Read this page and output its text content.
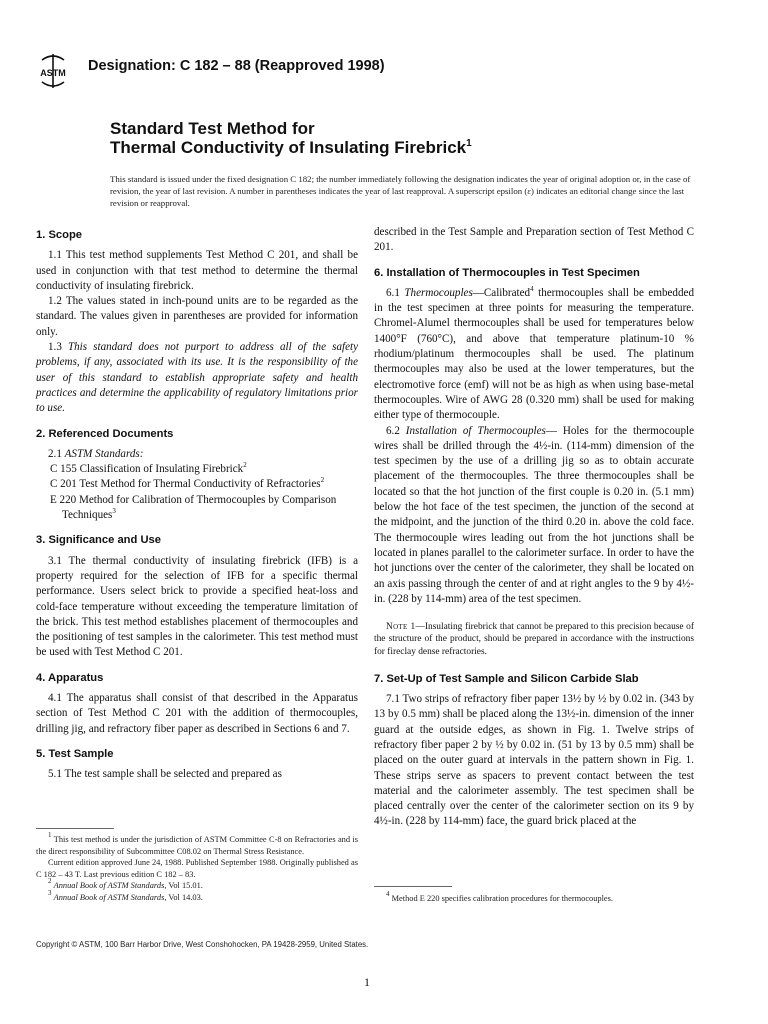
ASTM Designation: C 182 – 88 (Reapproved 1998)
Standard Test Method for
Thermal Conductivity of Insulating Firebrick$^1$
This standard is issued under the fixed designation C 182; the number immediately following the designation indicates the year of original adoption or, in the case of revision, the year of last revision. A number in parentheses indicates the year of last reapproval. A superscript epsilon (ε) indicates an editorial change since the last revision or reapproval.
1. Scope

1.1 This test method supplements Test Method C 201, and shall be used in conjunction with that test method to determine the thermal conductivity of insulating firebrick.

1.2 The values stated in inch-pound units are to be regarded as the standard. The values given in parentheses are provided for information only.

1.3 This standard does not purport to address all of the safety problems, if any, associated with its use. It is the responsibility of the user of this standard to establish appropriate safety and health practices and determine the applicability of regulatory limitations prior to use.

2. Referenced Documents

2.1 ASTM Standards:

C 155 Classification of Insulating Firebrick$^2$

C 201 Test Method for Thermal Conductivity of Refractories$^2$

E 220 Method for Calibration of Thermocouples by Comparison Techniques$^3$

3. Significance and Use

3.1 The thermal conductivity of insulating firebrick (IFB) is a property required for the selection of IFB for a specific thermal performance. Users select brick to provide a specified heat-loss and cold-face temperature without exceeding the temperature limitation of the brick. This test method establishes placement of thermocouples and the positioning of test samples in the calorimeter. This test method must be used with Test Method C 201.

4. Apparatus

4.1 The apparatus shall consist of that described in the Apparatus section of Test Method C 201 with the addition of thermocouples, drilling jig, and refractory fiber paper as described in Sections 6 and 7.

5. Test Sample

5.1 The test sample shall be selected and prepared as

$^1$ This test method is under the jurisdiction of ASTM Committee C-8 on Refractories and is the direct responsibility of Subcommittee C08.02 on Thermal Stress Resistance.

Current edition approved June 24, 1988. Published September 1988. Originally published as C 182 – 43 T. Last previous edition C 182 – 83.

$^2$ Annual Book of ASTM Standards, Vol 15.01.

$^3$ Annual Book of ASTM Standards, Vol 14.03.

described in the Test Sample and Preparation section of Test Method C 201.

6. Installation of Thermocouples in Test Specimen

6.1 Thermocouples—Calibrated$^4$ thermocouples shall be embedded in the test specimen at three points for measuring the temperature. Chromel-Alumel thermocouples shall be used for temperatures below 1400°F (760°C), and above that temperature platinum-10 % rhodium/platinum thermocouples shall be used. The platinum thermocouples may also be used at the lower temperatures, but the electromotive force (emf) will not be as high as when using base-metal thermocouples. Wire of AWG 28 (0.320 mm) shall be used for making either type of thermocouple.

6.2 Installation of Thermocouples— Holes for the thermocouple wires shall be drilled through the 4½-in. (114-mm) dimension of the test specimen by the use of a drilling jig so as to obtain accurate placement of the thermocouples. The three thermocouples shall be located so that the hot junction of the first couple is 0.20 in. (5.1 mm) below the hot face of the test specimen, the junction of the second at the midpoint, and the junction of the third 0.20 in. above the cold face. The thermocouple wires leading out from the hot junctions shall be located in planes parallel to the calorimeter surface. In order to have the hot junctions over the center of the calorimeter, they shall be located on an axis passing through the center of and at right angles to the 9 by 4½-in. (228 by 114-mm) area of the test specimen.

Note 1—Insulating firebrick that cannot be prepared to this precision because of the structure of the product, should be prepared in accordance with the instructions for fireclay dense refractories.

7. Set-Up of Test Sample and Silicon Carbide Slab

7.1 Two strips of refractory fiber paper 13½ by ½ by 0.02 in. (343 by 13 by 0.5 mm) shall be placed along the 13½-in. dimension of the inner guard at the outside edges, as shown in Fig. 1. Twelve strips of refractory fiber paper 2 by ½ by 0.02 in. (51 by 13 by 0.5 mm) shall be placed on the outer guard at intervals in the pattern shown in Fig. 1. These strips serve as spacers to prevent contact between the test material and the calorimeter assembly. The test specimen shall be placed centrally over the center of the calorimeter section on its 9 by 4½-in. (228 by 114-mm) face, the guard brick placed at the

$^4$ Method E 220 specifies calibration procedures for thermocouples.

Copyright © ASTM, 100 Barr Harbor Drive, West Conshohocken, PA 19428-2959, United States.
1
